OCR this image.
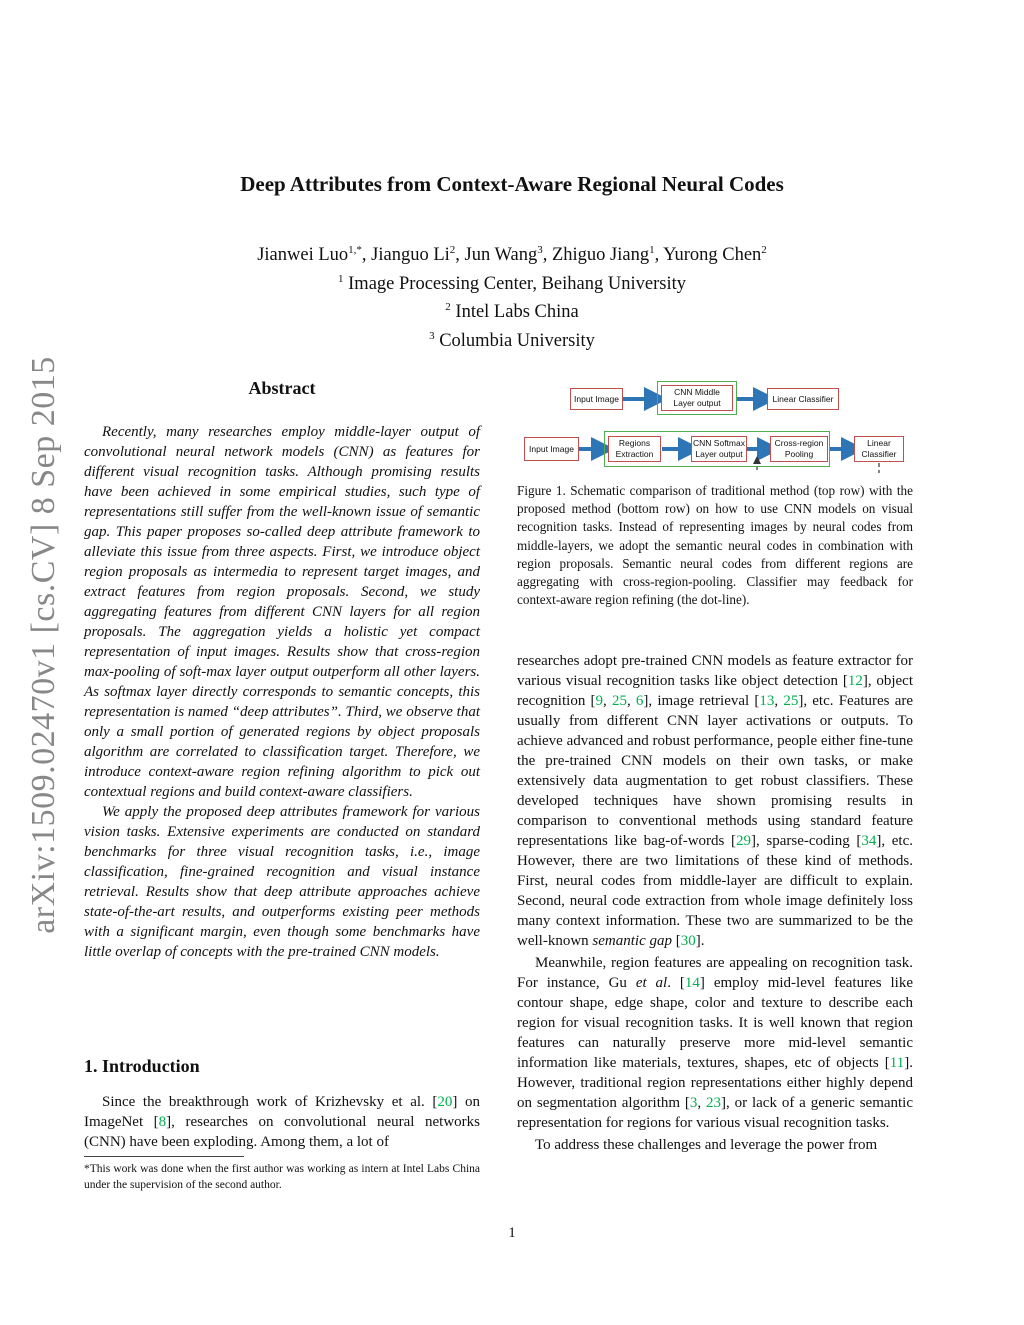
arXiv:1509.02470v1 [cs.CV] 8 Sep 2015
Deep Attributes from Context-Aware Regional Neural Codes
Jianwei Luo$^{1,*}$, Jianguo Li$^2$, Jun Wang$^3$, Zhiguo Jiang$^1$, Yurong Chen$^2$
$^1$ Image Processing Center, Beihang University
$^2$ Intel Labs China
$^3$ Columbia University
Abstract

Recently, many researches employ middle-layer output of convolutional neural network models (CNN) as features for different visual recognition tasks. Although promising results have been achieved in some empirical studies, such type of representations still suffer from the well-known issue of semantic gap. This paper proposes so-called deep attribute framework to alleviate this issue from three aspects. First, we introduce object region proposals as intermedia to represent target images, and extract features from region proposals. Second, we study aggregating features from different CNN layers for all region proposals. The aggregation yields a holistic yet compact representation of input images. Results show that cross-region max-pooling of soft-max layer output outperform all other layers. As softmax layer directly corresponds to semantic concepts, this representation is named “deep attributes”. Third, we observe that only a small portion of generated regions by object proposals algorithm are correlated to classification target. Therefore, we introduce context-aware region refining algorithm to pick out contextual regions and build context-aware classifiers.

We apply the proposed deep attributes framework for various vision tasks. Extensive experiments are conducted on standard benchmarks for three visual recognition tasks, i.e., image classification, fine-grained recognition and visual instance retrieval. Results show that deep attribute approaches achieve state-of-the-art results, and outperforms existing peer methods with a significant margin, even though some benchmarks have little overlap of concepts with the pre-trained CNN models.

1. Introduction

Since the breakthrough work of Krizhevsky et al. [20] on ImageNet [8], researches on convolutional neural networks (CNN) have been exploding. Among them, a lot of

*This work was done when the first author was working as intern at Intel Labs China under the supervision of the second author.
Input Image
CNN Middle
Layer output	Linear Classifier
Input Image
Regions
Extraction
CNN Softmax
Layer output
Cross-region
Pooling
Linear
Classifier
Figure 1. Schematic comparison of traditional method (top row) with the proposed method (bottom row) on how to use CNN models on visual recognition tasks. Instead of representing images by neural codes from middle-layers, we adopt the semantic neural codes in combination with region proposals. Semantic neural codes from different regions are aggregating with cross-region-pooling. Classifier may feedback for context-aware region refining (the dot-line).

researches adopt pre-trained CNN models as feature extractor for various visual recognition tasks like object detection [12], object recognition [9, 25, 6], image retrieval [13, 25], etc. Features are usually from different CNN layer activations or outputs. To achieve advanced and robust performance, people either fine-tune the pre-trained CNN models on their own tasks, or make extensively data augmentation to get robust classifiers. These developed techniques have shown promising results in comparison to conventional methods using standard feature representations like bag-of-words [29], sparse-coding [34], etc. However, there are two limitations of these kind of methods. First, neural codes from middle-layer are difficult to explain. Second, neural code extraction from whole image definitely loss many context information. These two are summarized to be the well-known semantic gap [30].

Meanwhile, region features are appealing on recognition task. For instance, Gu et al. [14] employ mid-level features like contour shape, edge shape, color and texture to describe each region for visual recognition tasks. It is well known that region features can naturally preserve more mid-level semantic information like materials, textures, shapes, etc of objects [11]. However, traditional region representations either highly depend on segmentation algorithm [3, 23], or lack of a generic semantic representation for regions for various visual recognition tasks.

To address these challenges and leverage the power from

1
